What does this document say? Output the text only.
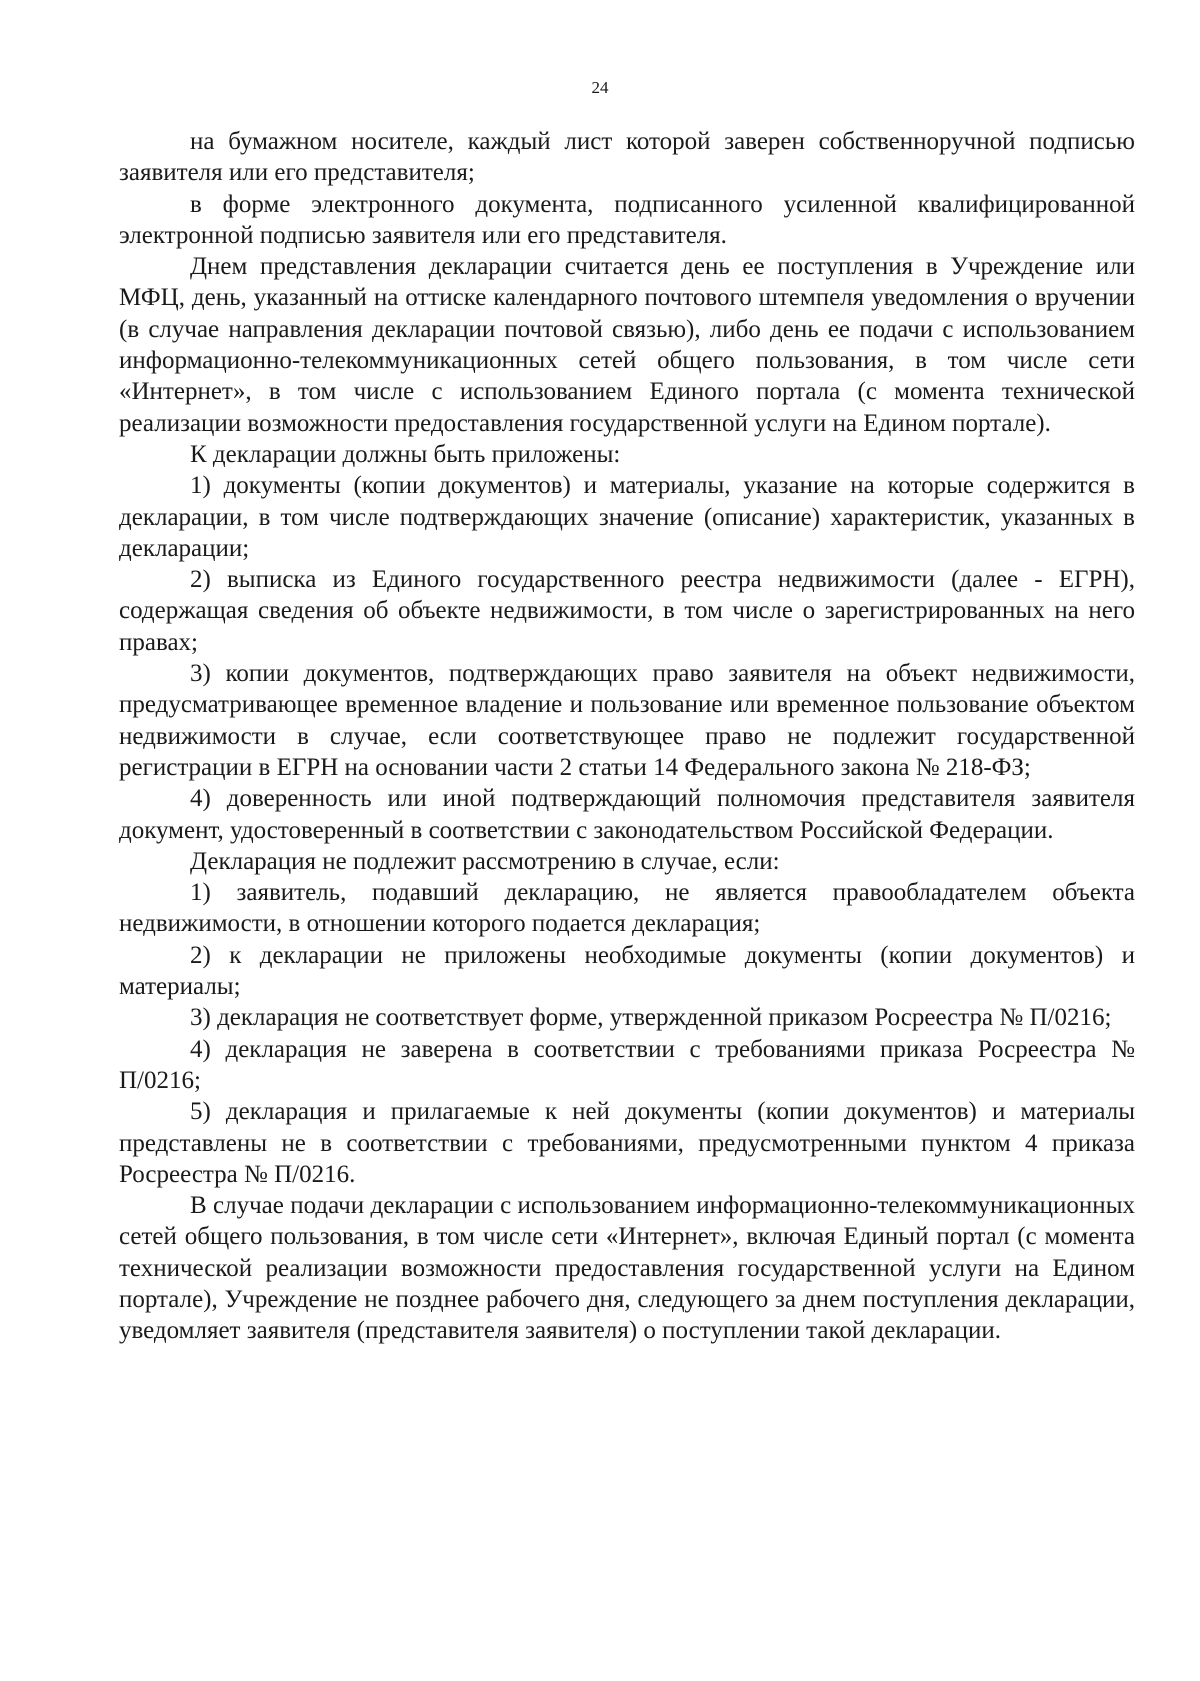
24

на бумажном носителе, каждый лист которой заверен собственноручной подписью заявителя или его представителя;

в форме электронного документа, подписанного усиленной квалифицированной электронной подписью заявителя или его представителя.

Днем представления декларации считается день ее поступления в Учреждение или МФЦ, день, указанный на оттиске календарного почтового штемпеля уведомления о вручении (в случае направления декларации почтовой связью), либо день ее подачи с использованием информационно-телекоммуникационных сетей общего пользования, в том числе сети «Интернет», в том числе с использованием Единого портала (с момента технической реализации возможности предоставления государственной услуги на Едином портале).

К декларации должны быть приложены:

1) документы (копии документов) и материалы, указание на которые содержится в декларации, в том числе подтверждающих значение (описание) характеристик, указанных в декларации;

2) выписка из Единого государственного реестра недвижимости (далее - ЕГРН), содержащая сведения об объекте недвижимости, в том числе о зарегистрированных на него правах;

3) копии документов, подтверждающих право заявителя на объект недвижимости, предусматривающее временное владение и пользование или временное пользование объектом недвижимости в случае, если соответствующее право не подлежит государственной регистрации в ЕГРН на основании части 2 статьи 14 Федерального закона № 218-ФЗ;

4) доверенность или иной подтверждающий полномочия представителя заявителя документ, удостоверенный в соответствии с законодательством Российской Федерации.

Декларация не подлежит рассмотрению в случае, если:

1) заявитель, подавший декларацию, не является правообладателем объекта недвижимости, в отношении которого подается декларация;

2) к декларации не приложены необходимые документы (копии документов) и материалы;

3) декларация не соответствует форме, утвержденной приказом Росреестра № П/0216;

4) декларация не заверена в соответствии с требованиями приказа Росреестра № П/0216;

5) декларация и прилагаемые к ней документы (копии документов) и материалы представлены не в соответствии с требованиями, предусмотренными пунктом 4 приказа Росреестра № П/0216.

В случае подачи декларации с использованием информационно-телекоммуникационных сетей общего пользования, в том числе сети «Интернет», включая Единый портал (с момента технической реализации возможности предоставления государственной услуги на Едином портале), Учреждение не позднее рабочего дня, следующего за днем поступления декларации, уведомляет заявителя (представителя заявителя) о поступлении такой декларации.
